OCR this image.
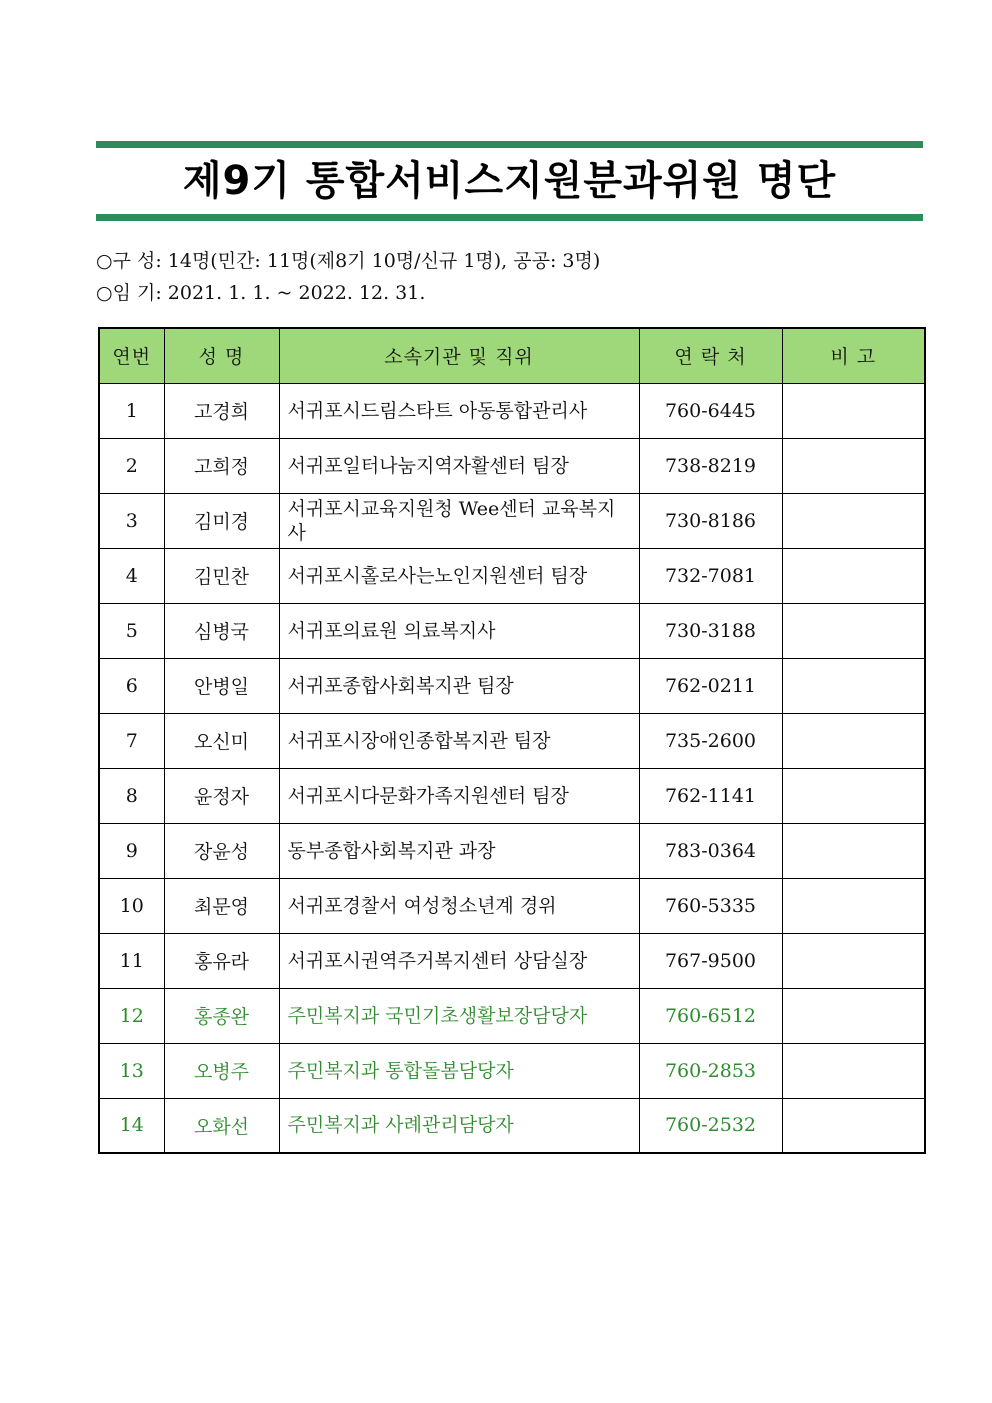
제9기 통합서비스지원분과위원 명단
○구 성: 14명(민간: 11명(제8기 10명/신규 1명), 공공: 3명)
○임 기: 2021. 1. 1. ~ 2022. 12. 31.
연번	성 명	소속기관 및 직위	연 락 처	비 고
1	고경희	서귀포시드림스타트 아동통합관리사	760-6445	
2	고희정	서귀포일터나눔지역자활센터 팀장	738-8219	
3	김미경	서귀포시교육지원청 Wee센터 교육복지사	730-8186	
4	김민찬	서귀포시홀로사는노인지원센터 팀장	732-7081	
5	심병국	서귀포의료원 의료복지사	730-3188	
6	안병일	서귀포종합사회복지관 팀장	762-0211	
7	오신미	서귀포시장애인종합복지관 팀장	735-2600	
8	윤정자	서귀포시다문화가족지원센터 팀장	762-1141	
9	장윤성	동부종합사회복지관 과장	783-0364	
10	최문영	서귀포경찰서 여성청소년계 경위	760-5335	
11	홍유라	서귀포시권역주거복지센터 상담실장	767-9500	
12	홍종완	주민복지과 국민기초생활보장담당자	760-6512	
13	오병주	주민복지과 통합돌봄담당자	760-2853	
14	오화선	주민복지과 사례관리담당자	760-2532	
